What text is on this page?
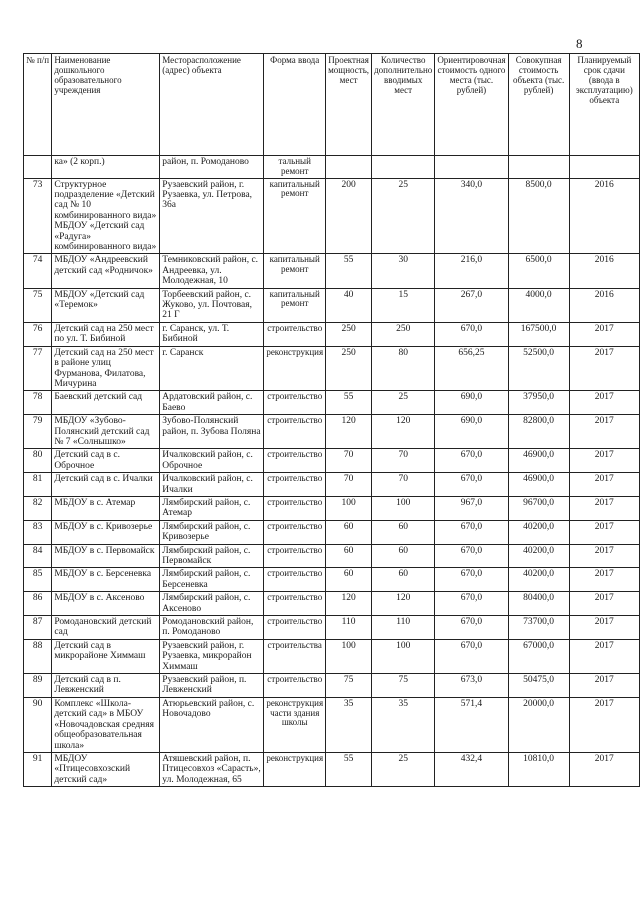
8
№ п/п	Наименование дошкольного образовательного учреждения	Месторасположение (адрес) объекта	Форма ввода	Проектная мощность, мест	Количество дополнительно вводимых мест	Ориентировочная стоимость одного места (тыс. рублей)	Совокупная стоимость объекта (тыс. рублей)	Планируемый срок сдачи (ввода в эксплуатацию) объекта
	ка» (2 корп.)	район, п. Ромоданово	тальный ремонт					
73	Структурное подразделение «Детский сад № 10 комбинированного вида» МБДОУ «Детский сад «Радуга» комбинированного вида»	Рузаевский район, г. Рузаевка, ул. Петрова, 36а	капитальный ремонт	200	25	340,0	8500,0	2016
74	МБДОУ «Андреевский детский сад «Родничок»	Темниковский район, с. Андреевка, ул. Молодежная, 10	капитальный ремонт	55	30	216,0	6500,0	2016
75	МБДОУ «Детский сад «Теремок»	Торбеевский район, с. Жуково, ул. Почтовая, 21 Г	капитальный ремонт	40	15	267,0	4000,0	2016
76	Детский сад на 250 мест по ул. Т. Бибиной	г. Саранск, ул. Т. Бибиной	строительство	250	250	670,0	167500,0	2017
77	Детский сад на 250 мест в районе улиц Фурманова, Филатова, Мичурина	г. Саранск	реконструкция	250	80	656,25	52500,0	2017
78	Баевский детский сад	Ардатовский район, с. Баево	строительство	55	25	690,0	37950,0	2017
79	МБДОУ «Зубово-Полянский детский сад № 7 «Солнышко»	Зубово-Полянский район, п. Зубова Поляна	строительство	120	120	690,0	82800,0	2017
80	Детский сад в с. Оброчное	Ичалковский район, с. Оброчное	строительство	70	70	670,0	46900,0	2017
81	Детский сад в с. Ичалки	Ичалковский район, с. Ичалки	строительство	70	70	670,0	46900,0	2017
82	МБДОУ в с. Атемар	Лямбирский район, с. Атемар	строительство	100	100	967,0	96700,0	2017
83	МБДОУ в с. Кривозерье	Лямбирский район, с. Кривозерье	строительство	60	60	670,0	40200,0	2017
84	МБДОУ в с. Первомайск	Лямбирский район, с. Первомайск	строительство	60	60	670,0	40200,0	2017
85	МБДОУ в с. Берсеневка	Лямбирский район, с. Берсеневка	строительство	60	60	670,0	40200,0	2017
86	МБДОУ в с. Аксеново	Лямбирский район, с. Аксеново	строительство	120	120	670,0	80400,0	2017
87	Ромодановский детский сад	Ромодановский район, п. Ромоданово	строительство	110	110	670,0	73700,0	2017
88	Детский сад в микрорайоне Химмаш	Рузаевский район, г. Рузаевка, микрорайон Химмаш	строительства	100	100	670,0	67000,0	2017
89	Детский сад в п. Левженский	Рузаевский район, п. Левженский	строительство	75	75	673,0	50475,0	2017
90	Комплекс «Школа-детский сад» в МБОУ «Новочадовская средняя общеобразовательная школа»	Атюрьевский район, с. Новочадово	реконструкция части здания школы	35	35	571,4	20000,0	2017
91	МБДОУ «Птицесовхозский детский сад»	Атяшевский район, п. Птицесовхоз «Сарасть», ул. Молодежная, 65	реконструкция	55	25	432,4	10810,0	2017
